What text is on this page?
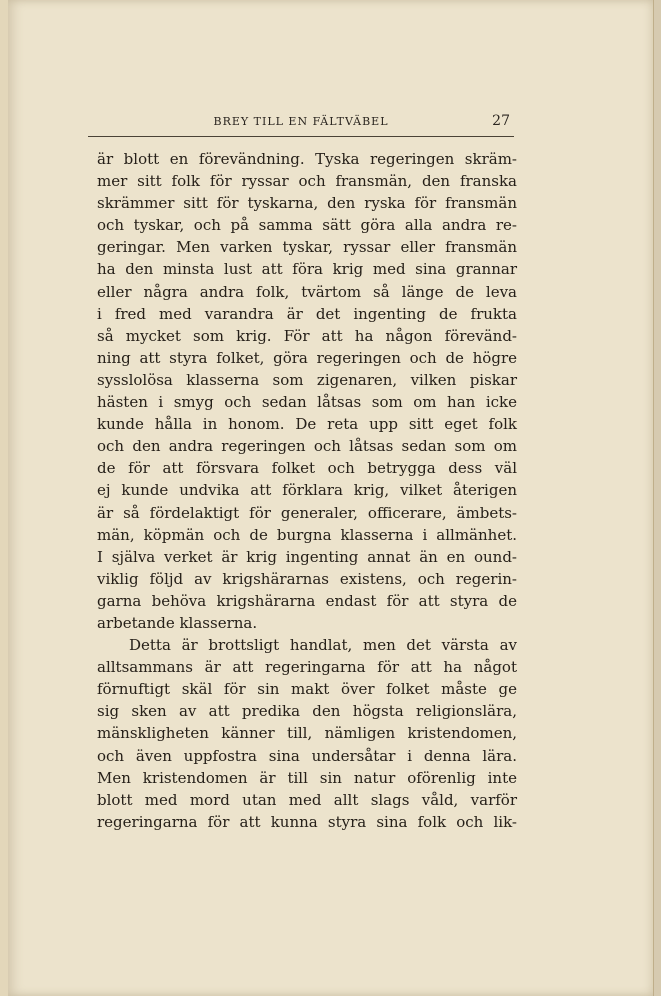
BREY TILL EN FÄLTVÄBEL	27

är blott en förevändning. Tyska regeringen skräm-
mer sitt folk för ryssar och fransmän, den franska
skrämmer sitt för tyskarna, den ryska för fransmän
och tyskar, och på samma sätt göra alla andra re-
geringar. Men varken tyskar, ryssar eller fransmän
ha den minsta lust att föra krig med sina grannar
eller några andra folk, tvärtom så länge de leva
i fred med varandra är det ingenting de frukta
så mycket som krig. För att ha någon förevänd-
ning att styra folket, göra regeringen och de högre
sysslolösa klasserna som zigenaren, vilken piskar
hästen i smyg och sedan låtsas som om han icke
kunde hålla in honom. De reta upp sitt eget folk
och den andra regeringen och låtsas sedan som om
de för att försvara folket och betrygga dess väl
ej kunde undvika att förklara krig, vilket återigen
är så fördelaktigt för generaler, officerare, ämbets-
män, köpmän och de burgna klasserna i allmänhet.
I själva verket är krig ingenting annat än en ound-
viklig följd av krigshärarnas existens, och regerin-
garna behöva krigshärarna endast för att styra de
arbetande klasserna.

Detta är brottsligt handlat, men det värsta av
alltsammans är att regeringarna för att ha något
förnuftigt skäl för sin makt över folket måste ge
sig sken av att predika den högsta religionslära,
mänskligheten känner till, nämligen kristendomen,
och även uppfostra sina undersåtar i denna lära.
Men kristendomen är till sin natur oförenlig inte
blott med mord utan med allt slags våld, varför
regeringarna för att kunna styra sina folk och lik-
